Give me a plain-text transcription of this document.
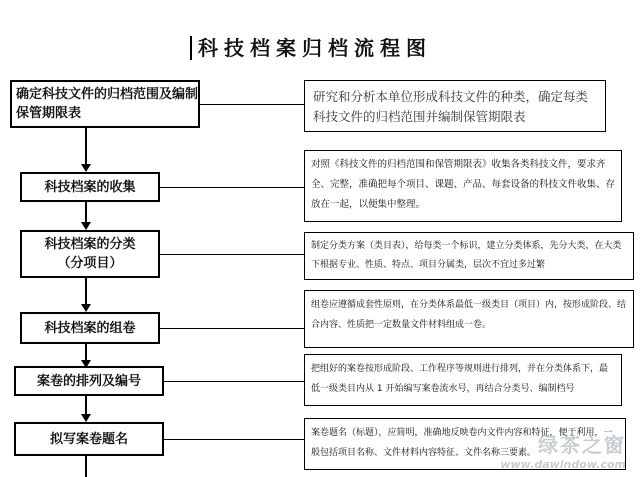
科技档案归档流程图
确定科技文件的归档范围及编制保管期限表
研究和分析本单位形成科技文件的种类，确定每类科技文件的归档范围并编制保管期限表
科技档案的收集
对照《科技文件的归档范围和保管期限表》收集各类科技文件，要求齐全、完整，准确把每个项目、课题、产品、每套设备的科技文件收集、存放在一起，以便集中整理。
科技档案的分类
（分项目）
制定分类方案（类目表），给每类一个标识，建立分类体系，先分大类，在大类下根据专业、性质、特点、项目分属类，层次不宜过多过繁
科技档案的组卷
组卷应遵循成套性原则，在分类体系最低一级类目（项目）内，按形成阶段、结合内容、性质把一定数量文件材料组成一卷。
案卷的排列及编号
把组好的案卷按形成阶段、工作程序等规则进行排列，并在分类体系下，最低一级类目内从 1 开始编写案卷流水号，再结合分类号、编制档号
拟写案卷题名	案卷题名（标题），应简明，准确地反映卷内文件内容和特征，便于利用，一般包括项目名称、文件材料内容特征、文件名称三要素。 绿茶之窗
www.dawindow.com
